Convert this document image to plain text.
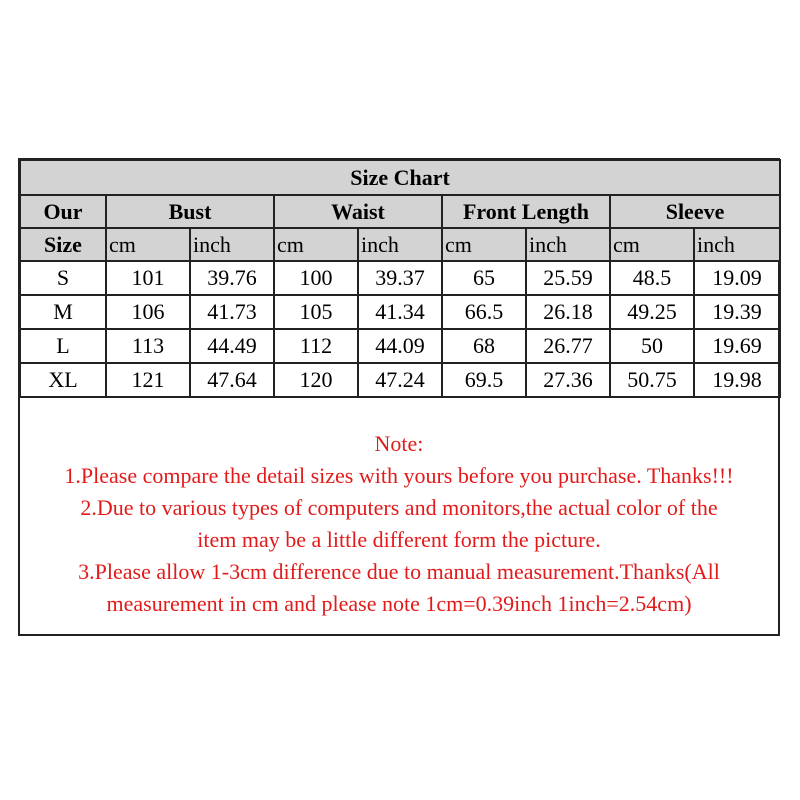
Size Chart								
Our	Bust		Waist		Front Length		Sleeve	
Size	cm	inch	cm	inch	cm	inch	cm	inch
S	101	39.76	100	39.37	65	25.59	48.5	19.09
M	106	41.73	105	41.34	66.5	26.18	49.25	19.39
L	113	44.49	112	44.09	68	26.77	50	19.69
XL	121	47.64	120	47.24	69.5	27.36	50.75	19.98
Note:
1.Please compare the detail sizes with yours before you purchase. Thanks!!!
2.Due to various types of computers and monitors,the actual color of the
item may be a little different form the picture.
3.Please allow 1-3cm difference due to manual measurement.Thanks(All
measurement in cm and please note 1cm=0.39inch 1inch=2.54cm)
